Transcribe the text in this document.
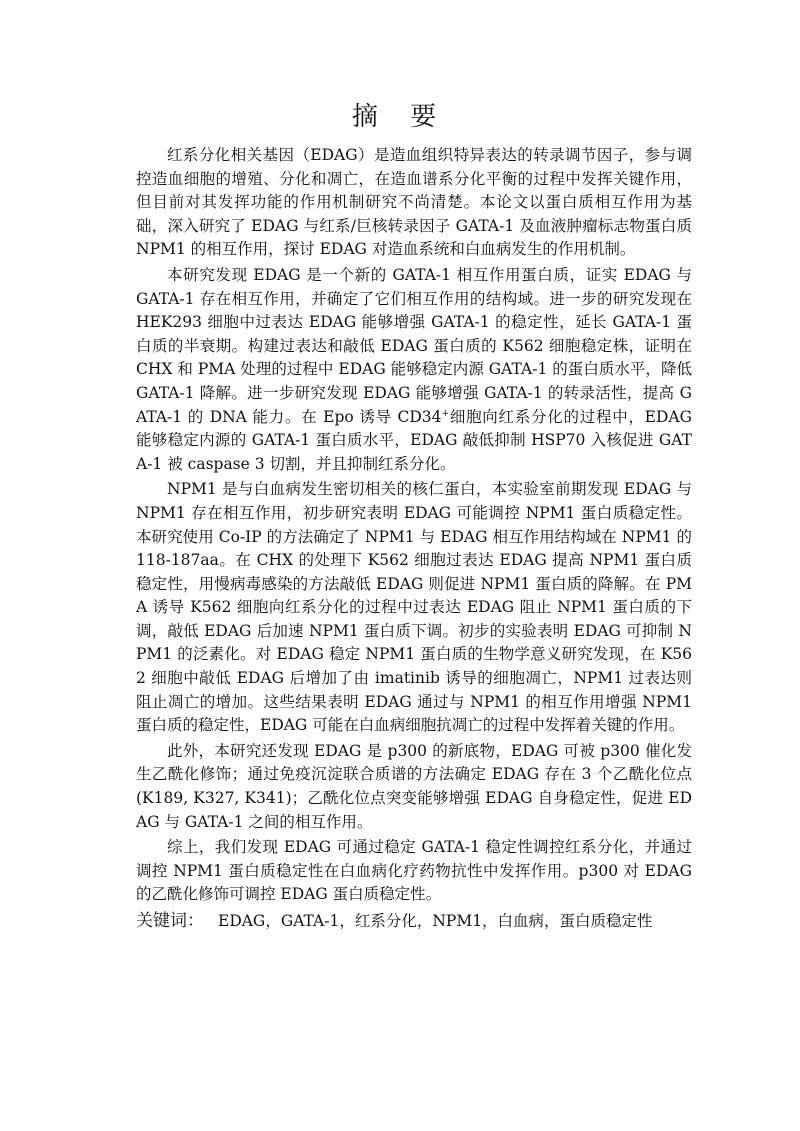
摘 要

红系分化相关基因（EDAG）是造血组织特异表达的转录调节因子，参与调控造血细胞的增殖、分化和凋亡，在造血谱系分化平衡的过程中发挥关键作用，但目前对其发挥功能的作用机制研究不尚清楚。本论文以蛋白质相互作用为基础，深入研究了 EDAG 与红系/巨核转录因子 GATA-1 及血液肿瘤标志物蛋白质 NPM1 的相互作用，探讨 EDAG 对造血系统和白血病发生的作用机制。

本研究发现 EDAG 是一个新的 GATA-1 相互作用蛋白质，证实 EDAG 与 GATA-1 存在相互作用，并确定了它们相互作用的结构域。进一步的研究发现在 HEK293 细胞中过表达 EDAG 能够增强 GATA-1 的稳定性，延长 GATA-1 蛋白质的半衰期。构建过表达和敲低 EDAG 蛋白质的 K562 细胞稳定株，证明在 CHX 和 PMA 处理的过程中 EDAG 能够稳定内源 GATA-1 的蛋白质水平，降低 GATA-1 降解。进一步研究发现 EDAG 能够增强 GATA-1 的转录活性，提高 GATA-1 的 DNA 能力。在 Epo 诱导 CD34+细胞向红系分化的过程中，EDAG 能够稳定内源的 GATA-1 蛋白质水平，EDAG 敲低抑制 HSP70 入核促进 GATA-1 被 caspase 3 切割，并且抑制红系分化。

NPM1 是与白血病发生密切相关的核仁蛋白，本实验室前期发现 EDAG 与 NPM1 存在相互作用，初步研究表明 EDAG 可能调控 NPM1 蛋白质稳定性。本研究使用 Co-IP 的方法确定了 NPM1 与 EDAG 相互作用结构域在 NPM1 的 118-187aa。在 CHX 的处理下 K562 细胞过表达 EDAG 提高 NPM1 蛋白质稳定性，用慢病毒感染的方法敲低 EDAG 则促进 NPM1 蛋白质的降解。在 PMA 诱导 K562 细胞向红系分化的过程中过表达 EDAG 阻止 NPM1 蛋白质的下调，敲低 EDAG 后加速 NPM1 蛋白质下调。初步的实验表明 EDAG 可抑制 NPM1 的泛素化。对 EDAG 稳定 NPM1 蛋白质的生物学意义研究发现，在 K562 细胞中敲低 EDAG 后增加了由 imatinib 诱导的细胞凋亡，NPM1 过表达则阻止凋亡的增加。这些结果表明 EDAG 通过与 NPM1 的相互作用增强 NPM1 蛋白质的稳定性，EDAG 可能在白血病细胞抗凋亡的过程中发挥着关键的作用。

此外，本研究还发现 EDAG 是 p300 的新底物，EDAG 可被 p300 催化发生乙酰化修饰；通过免疫沉淀联合质谱的方法确定 EDAG 存在 3 个乙酰化位点(K189, K327, K341)；乙酰化位点突变能够增强 EDAG 自身稳定性，促进 EDAG 与 GATA-1 之间的相互作用。

综上，我们发现 EDAG 可通过稳定 GATA-1 稳定性调控红系分化，并通过调控 NPM1 蛋白质稳定性在白血病化疗药物抗性中发挥作用。p300 对 EDAG 的乙酰化修饰可调控 EDAG 蛋白质稳定性。

关键词： EDAG，GATA-1，红系分化，NPM1，白血病，蛋白质稳定性
